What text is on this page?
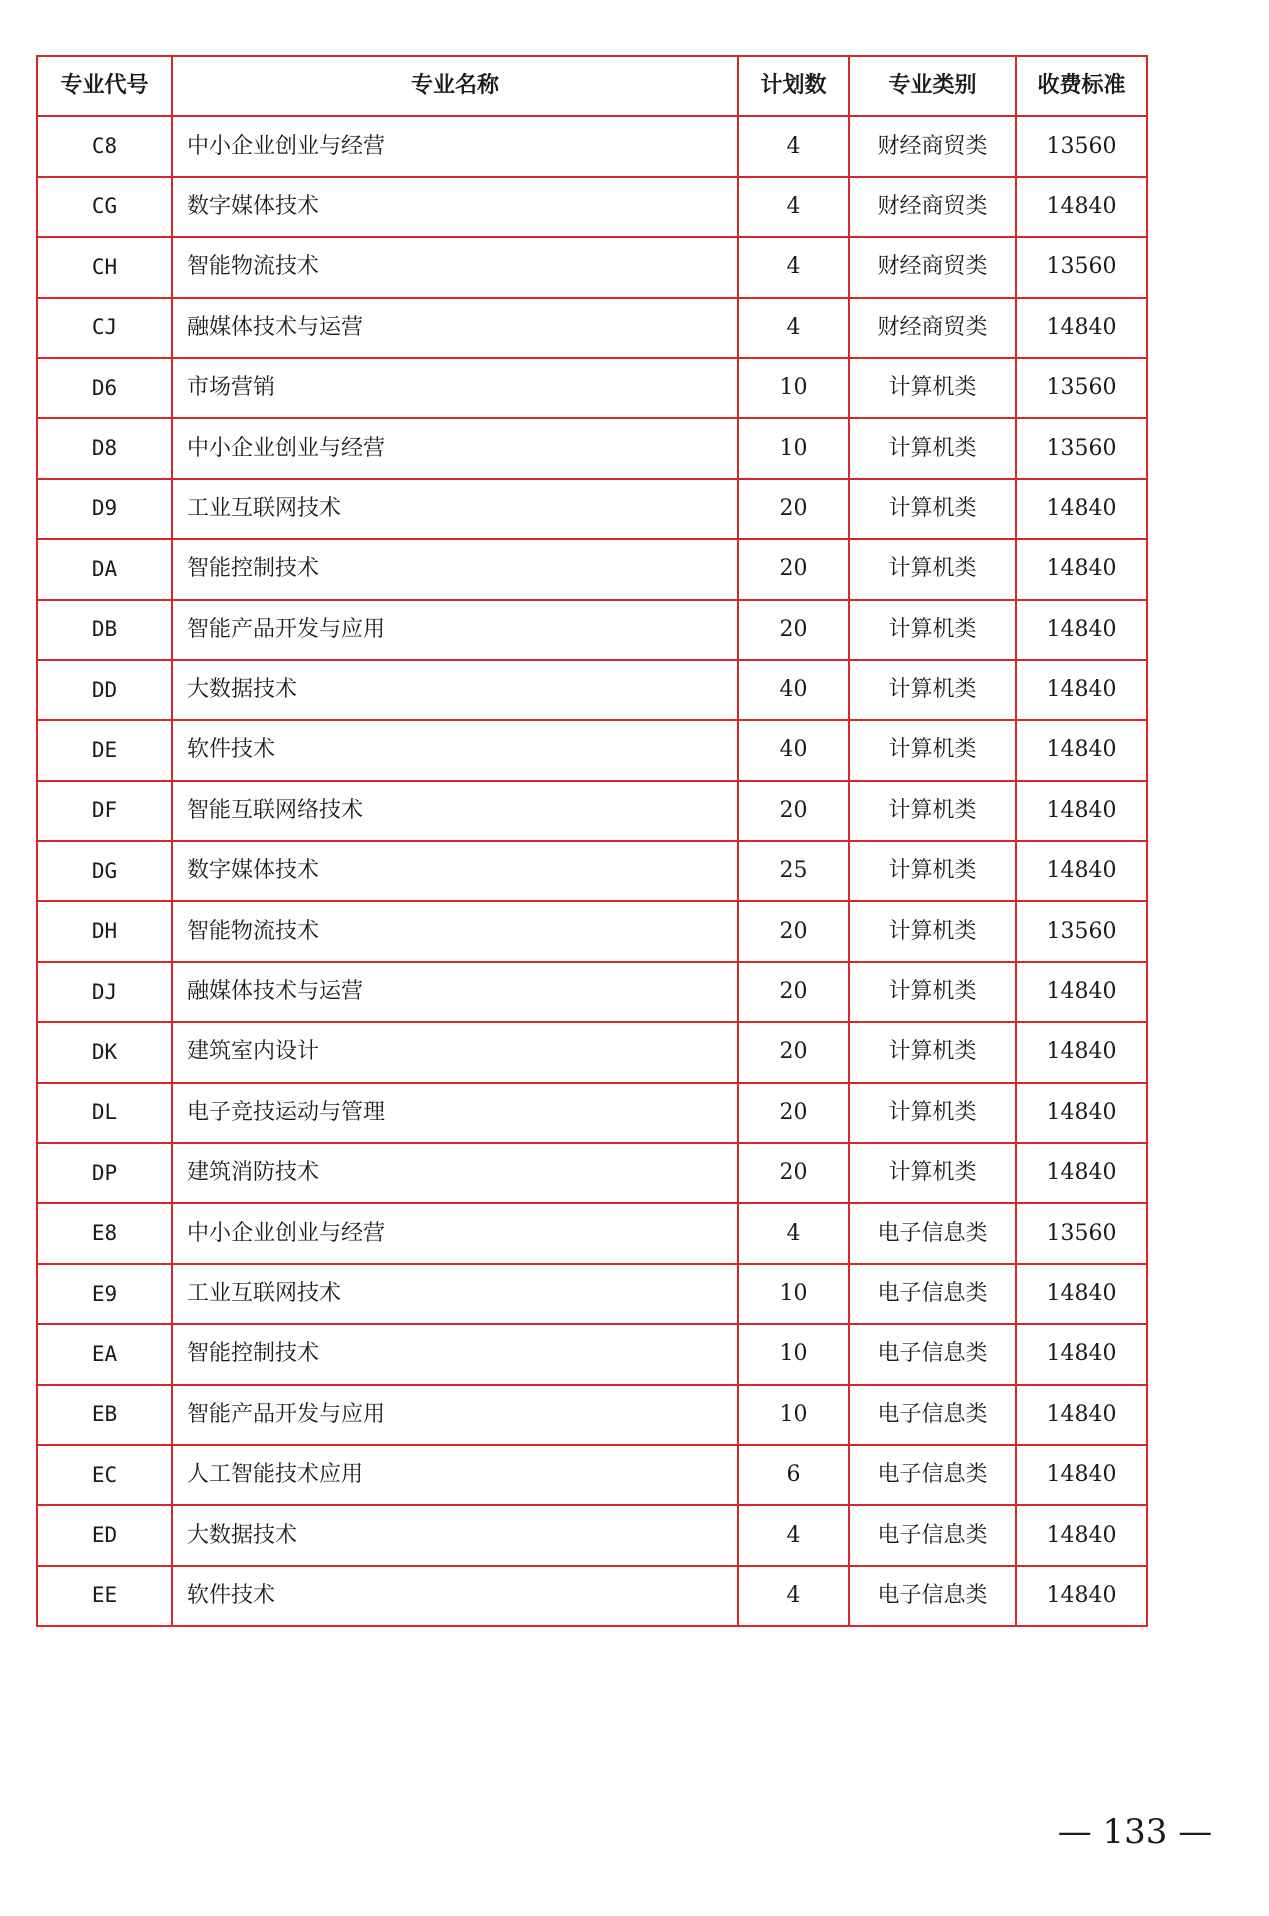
专业代号	专业名称	计划数	专业类别	收费标准
C8	中小企业创业与经营	4	财经商贸类	13560
CG	数字媒体技术	4	财经商贸类	14840
CH	智能物流技术	4	财经商贸类	13560
CJ	融媒体技术与运营	4	财经商贸类	14840
D6	市场营销	10	计算机类	13560
D8	中小企业创业与经营	10	计算机类	13560
D9	工业互联网技术	20	计算机类	14840
DA	智能控制技术	20	计算机类	14840
DB	智能产品开发与应用	20	计算机类	14840
DD	大数据技术	40	计算机类	14840
DE	软件技术	40	计算机类	14840
DF	智能互联网络技术	20	计算机类	14840
DG	数字媒体技术	25	计算机类	14840
DH	智能物流技术	20	计算机类	13560
DJ	融媒体技术与运营	20	计算机类	14840
DK	建筑室内设计	20	计算机类	14840
DL	电子竞技运动与管理	20	计算机类	14840
DP	建筑消防技术	20	计算机类	14840
E8	中小企业创业与经营	4	电子信息类	13560
E9	工业互联网技术	10	电子信息类	14840
EA	智能控制技术	10	电子信息类	14840
EB	智能产品开发与应用	10	电子信息类	14840
EC	人工智能技术应用	6	电子信息类	14840
ED	大数据技术	4	电子信息类	14840
EE	软件技术	4	电子信息类	14840
— 133 —
